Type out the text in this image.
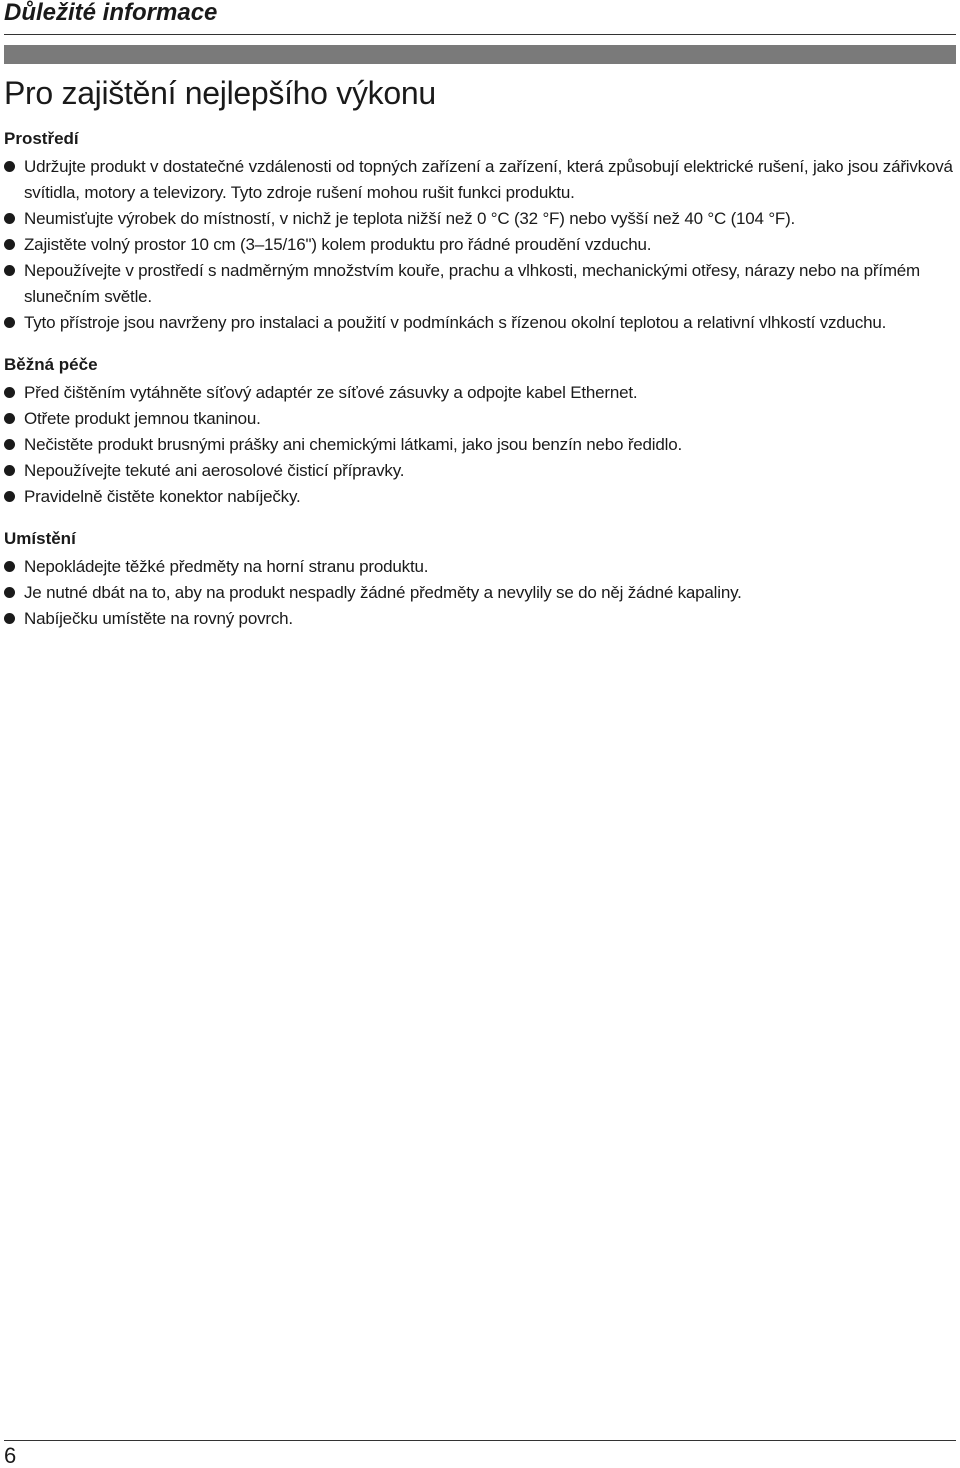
Důležité informace
Pro zajištění nejlepšího výkonu
Prostředí
Udržujte produkt v dostatečné vzdálenosti od topných zařízení a zařízení, která způsobují elektrické rušení, jako jsou zářivková svítidla, motory a televizory. Tyto zdroje rušení mohou rušit funkci produktu.
Neumisťujte výrobek do místností, v nichž je teplota nižší než 0 °C (32 °F) nebo vyšší než 40 °C (104 °F).
Zajistěte volný prostor 10 cm (3–15/16") kolem produktu pro řádné proudění vzduchu.
Nepoužívejte v prostředí s nadměrným množstvím kouře, prachu a vlhkosti, mechanickými otřesy, nárazy nebo na přímém slunečním světle.
Tyto přístroje jsou navrženy pro instalaci a použití v podmínkách s řízenou okolní teplotou a relativní vlhkostí vzduchu.
Běžná péče
Před čištěním vytáhněte síťový adaptér ze síťové zásuvky a odpojte kabel Ethernet.
Otřete produkt jemnou tkaninou.
Nečistěte produkt brusnými prášky ani chemickými látkami, jako jsou benzín nebo ředidlo.
Nepoužívejte tekuté ani aerosolové čisticí přípravky.
Pravidelně čistěte konektor nabíječky.
Umístění
Nepokládejte těžké předměty na horní stranu produktu.
Je nutné dbát na to, aby na produkt nespadly žádné předměty a nevylily se do něj žádné kapaliny.
Nabíječku umístěte na rovný povrch.
6
